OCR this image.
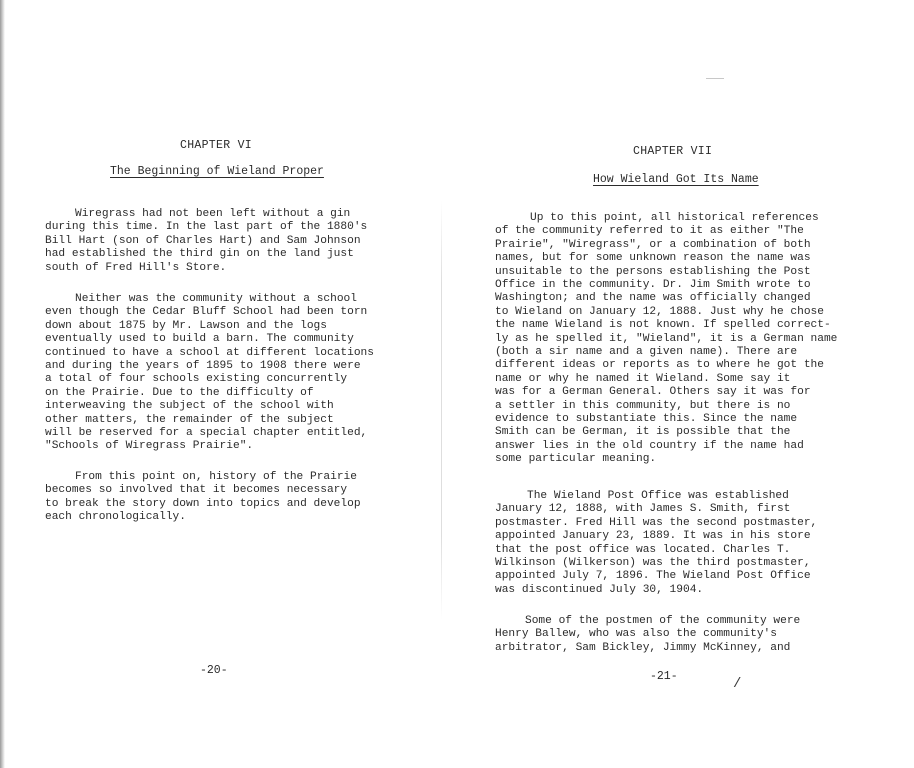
CHAPTER VI
The Beginning of Wieland Proper
Wiregrass had not been left without a gin
during this time. In the last part of the 1880's
Bill Hart (son of Charles Hart) and Sam Johnson
had established the third gin on the land just
south of Fred Hill's Store.
Neither was the community without a school
even though the Cedar Bluff School had been torn
down about 1875 by Mr. Lawson and the logs
eventually used to build a barn. The community
continued to have a school at different locations
and during the years of 1895 to 1908 there were
a total of four schools existing concurrently
on the Prairie. Due to the difficulty of
interweaving the subject of the school with
other matters, the remainder of the subject
will be reserved for a special chapter entitled,
"Schools of Wiregrass Prairie".
From this point on, history of the Prairie
becomes so involved that it becomes necessary
to break the story down into topics and develop
each chronologically.
-20-
CHAPTER VII
How Wieland Got Its Name
Up to this point, all historical references
of the community referred to it as either "The
Prairie", "Wiregrass", or a combination of both
names, but for some unknown reason the name was
unsuitable to the persons establishing the Post
Office in the community. Dr. Jim Smith wrote to
Washington; and the name was officially changed
to Wieland on January 12, 1888. Just why he chose
the name Wieland is not known. If spelled correct-
ly as he spelled it, "Wieland", it is a German name
(both a sir name and a given name). There are
different ideas or reports as to where he got the
name or why he named it Wieland. Some say it
was for a German General. Others say it was for
a settler in this community, but there is no
evidence to substantiate this. Since the name
Smith can be German, it is possible that the
answer lies in the old country if the name had
some particular meaning.
The Wieland Post Office was established
January 12, 1888, with James S. Smith, first
postmaster. Fred Hill was the second postmaster,
appointed January 23, 1889. It was in his store
that the post office was located. Charles T.
Wilkinson (Wilkerson) was the third postmaster,
appointed July 7, 1896. The Wieland Post Office
was discontinued July 30, 1904.
Some of the postmen of the community were
Henry Ballew, who was also the community's
arbitrator, Sam Bickley, Jimmy McKinney, and
-21-	/
